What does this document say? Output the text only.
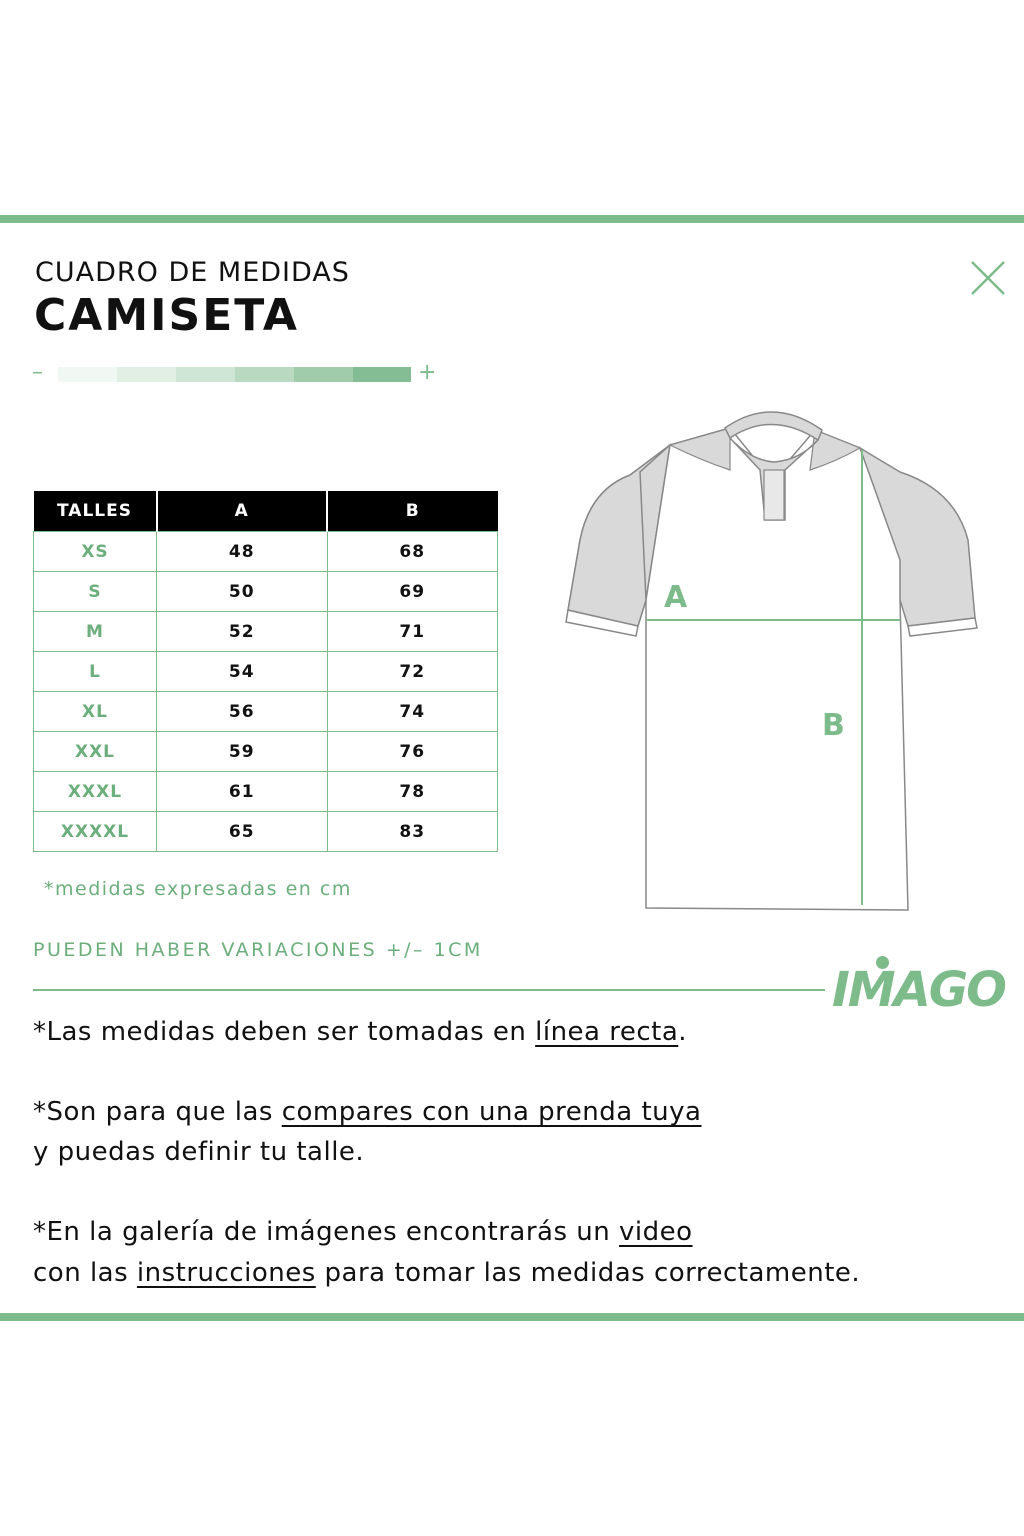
CUADRO DE MEDIDAS
CAMISETA
–	+
TALLES	A	B
XS	48	68
S	50	69
M	52	71
L	54	72
XL	56	74
XXL	59	76
XXXL	61	78
XXXXL	65	83
*medidas expresadas en cm
A
B
PUEDEN HABER VARIACIONES +/– 1CM
IMAGO
*Las medidas deben ser tomadas en línea recta.
*Son para que las compares con una prenda tuya
y puedas definir tu talle.
*En la galería de imágenes encontrarás un video
con las instrucciones para tomar las medidas correctamente.
